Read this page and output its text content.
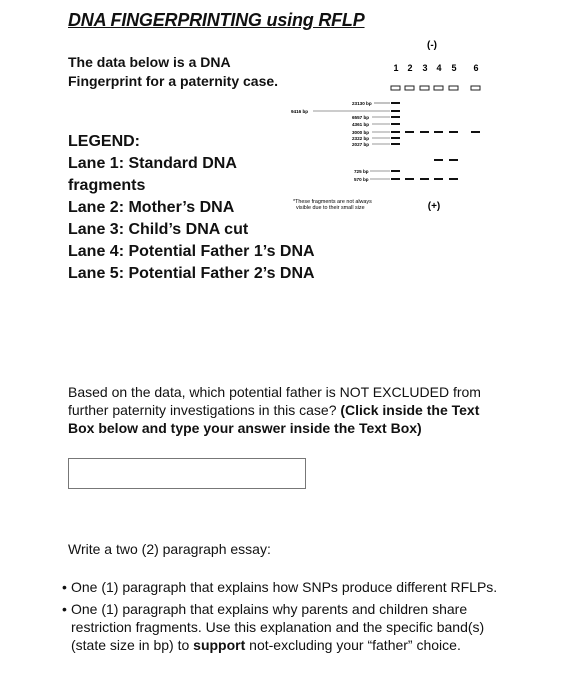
DNA FINGERPRINTING using RFLP
The data below is a DNA Fingerprint for a paternity case.
LEGEND:
Lane 1: Standard DNA
fragments
Lane 2: Mother’s DNA
Lane 3: Child’s DNA cut
Lane 4: Potential Father 1’s DNA
Lane 5: Potential Father 2’s DNA
(-)
1 2 3 4 5 6
23130 bp
9416 bp
6557 bp
4361 bp
3000 bp
2322 bp
2027 bp
725 bp
570 bp
*These fragments are not always
visible due to their small size	(+)
Based on the data, which potential father is NOT EXCLUDED from further paternity investigations in this case? (Click inside the Text Box below and type your answer inside the Text Box)
Write a two (2) paragraph essay:
• One (1) paragraph that explains how SNPs produce different RFLPs.
• One (1) paragraph that explains why parents and children share restriction fragments. Use this explanation and the specific band(s) (state size in bp) to support not-excluding your “father” choice.
